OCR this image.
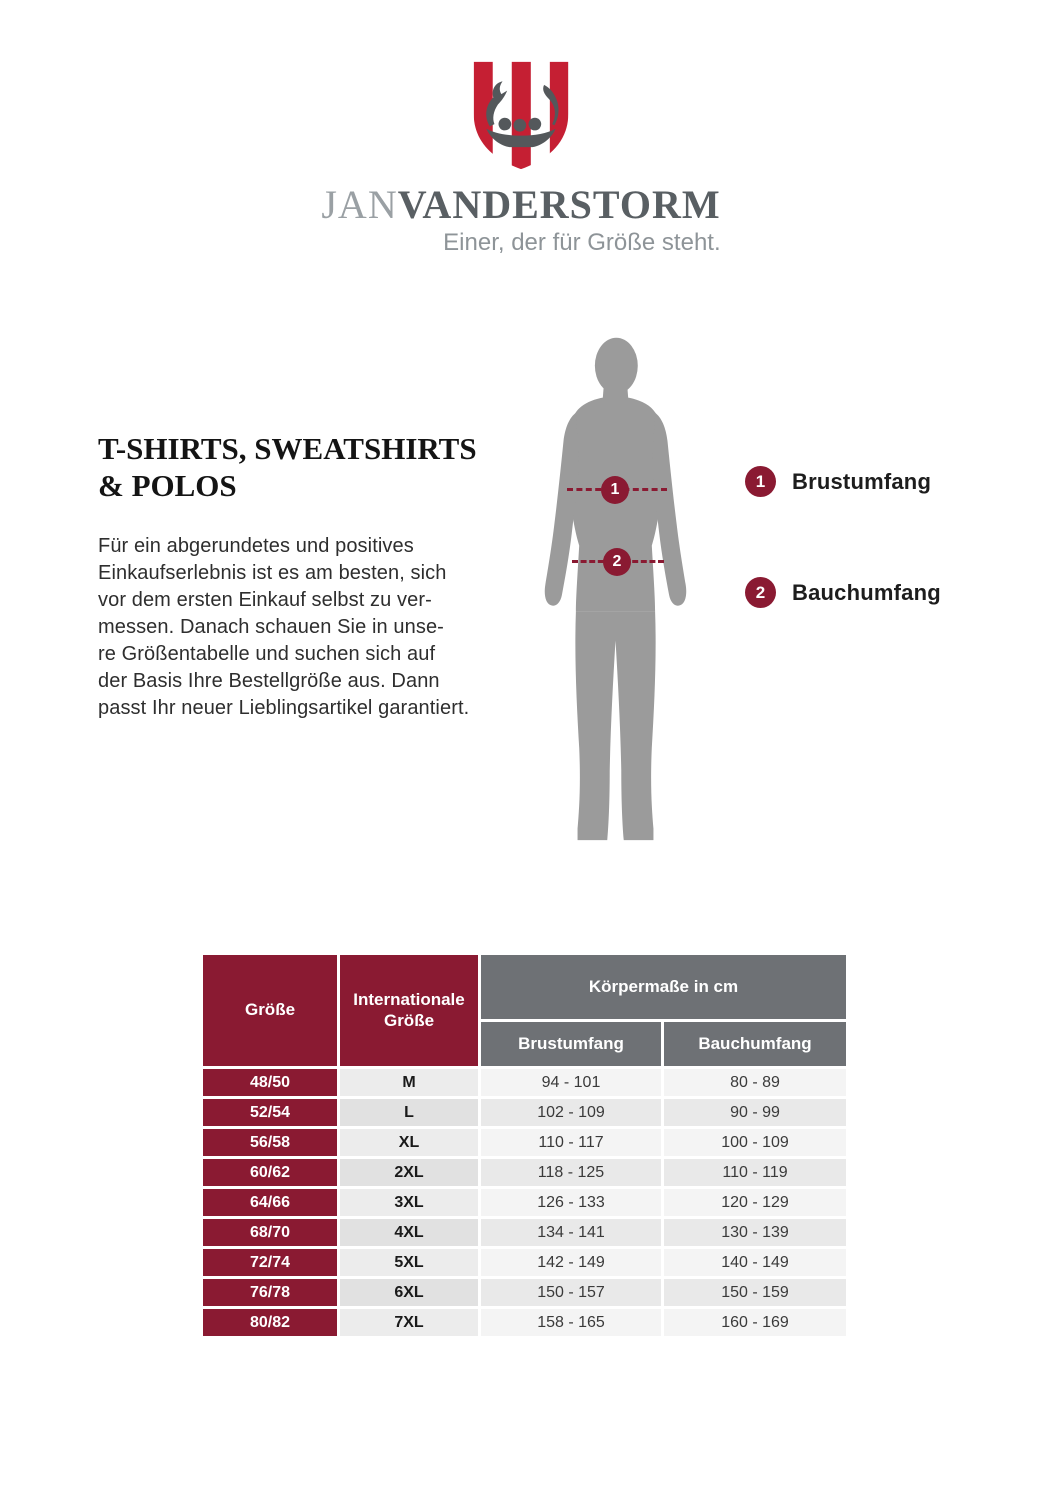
JANVANDERSTORM
Einer, der für Größe steht.
T-SHIRTS, SWEATSHIRTS
& POLOS

Für ein abgerundetes und positives
Einkaufserlebnis ist es am besten, sich
vor dem ersten Einkauf selbst zu ver-
messen. Danach schauen Sie in unse-
re Größentabelle und suchen sich auf
der Basis Ihre Bestellgröße aus. Dann
passt Ihr neuer Lieblingsartikel garantiert.

1
2
1	Brustumfang
2	Bauchumfang
Größe	Internationale Größe	Körpermaße in cm	
		Brustumfang	Bauchumfang
48/50	M	94 - 101	80 - 89
52/54	L	102 - 109	90 - 99
56/58	XL	110 - 117	100 - 109
60/62	2XL	118 - 125	110 - 119
64/66	3XL	126 - 133	120 - 129
68/70	4XL	134 - 141	130 - 139
72/74	5XL	142 - 149	140 - 149
76/78	6XL	150 - 157	150 - 159
80/82	7XL	158 - 165	160 - 169
